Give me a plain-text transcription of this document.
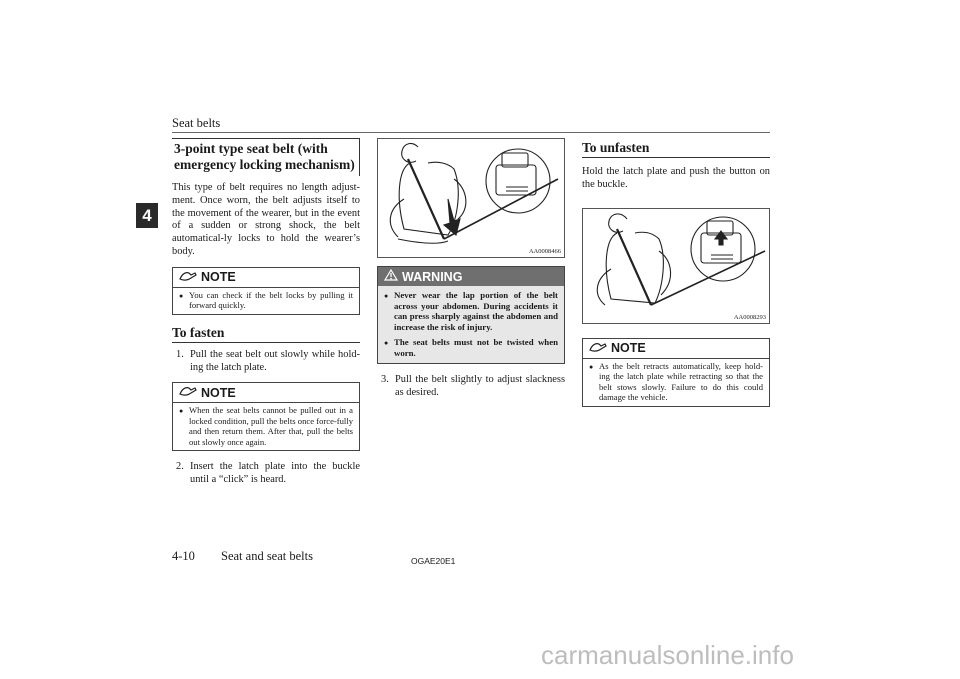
Seat belts
4
3-point type seat belt (with
emergency locking mechanism)

This type of belt requires no length adjust-ment. Once worn, the belt adjusts itself to the movement of the wearer, but in the event of a sudden or strong shock, the belt automatical-ly locks to hold the wearer’s body.

NOTE
● You can check if the belt locks by pulling it forward quickly.
To fasten
1. Pull the seat belt out slowly while hold-ing the latch plate.
NOTE
● When the seat belts cannot be pulled out in a locked condition, pull the belts once force-fully and then return them. After that, pull the belts out slowly once again.
2. Insert the latch plate into the buckle until a “click” is heard.
AA0008466
WARNING
● Never wear the lap portion of the belt across your abdomen. During accidents it can press sharply against the abdomen and increase the risk of injury.
● The seat belts must not be twisted when worn.
3. Pull the belt slightly to adjust slackness as desired.
To unfasten

Hold the latch plate and push the button on the buckle.

AA0008293
NOTE
● As the belt retracts automatically, keep hold-ing the latch plate while retracting so that the belt stows slowly. Failure to do this could damage the vehicle.
4-10 Seat and seat belts	OGAE20E1
carmanualsonline.info
